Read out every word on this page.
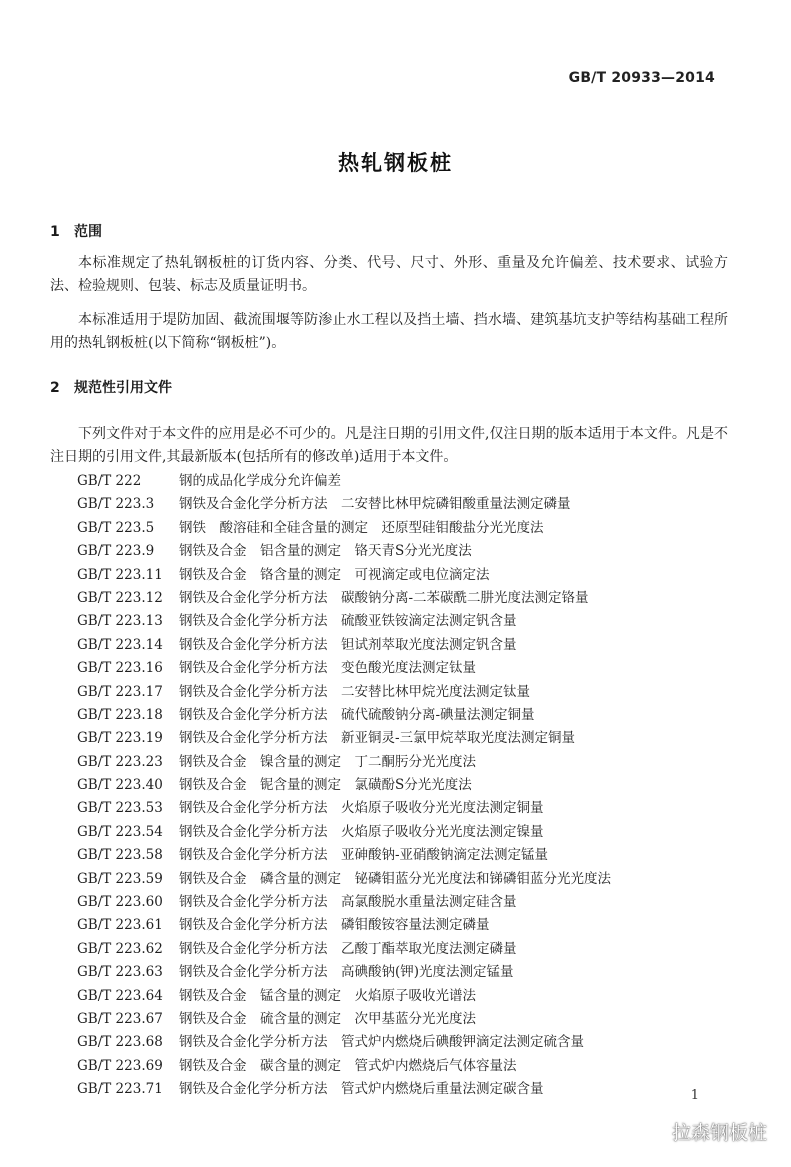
GB/T 20933—2014
热轧钢板桩
1 范围

本标准规定了热轧钢板桩的订货内容、分类、代号、尺寸、外形、重量及允许偏差、技术要求、试验方法、检验规则、包装、标志及质量证明书。

本标准适用于堤防加固、截流围堰等防渗止水工程以及挡土墙、挡水墙、建筑基坑支护等结构基础工程所用的热轧钢板桩(以下简称“钢板桩”)。

2 规范性引用文件

下列文件对于本文件的应用是必不可少的。凡是注日期的引用文件,仅注日期的版本适用于本文件。凡是不注日期的引用文件,其最新版本(包括所有的修改单)适用于本文件。

GB/T 222	钢的成品化学成分允许偏差
GB/T 223.3 钢铁及合金化学分析方法　二安替比林甲烷磷钼酸重量法测定磷量
GB/T 223.5 钢铁　酸溶硅和全硅含量的测定　还原型硅钼酸盐分光光度法
GB/T 223.9 钢铁及合金　铝含量的测定　铬天青S分光光度法
GB/T 223.11 钢铁及合金　铬含量的测定　可视滴定或电位滴定法
GB/T 223.12 钢铁及合金化学分析方法　碳酸钠分离-二苯碳酰二肼光度法测定铬量
GB/T 223.13 钢铁及合金化学分析方法　硫酸亚铁铵滴定法测定钒含量
GB/T 223.14 钢铁及合金化学分析方法　钽试剂萃取光度法测定钒含量
GB/T 223.16 钢铁及合金化学分析方法　变色酸光度法测定钛量
GB/T 223.17 钢铁及合金化学分析方法　二安替比林甲烷光度法测定钛量
GB/T 223.18 钢铁及合金化学分析方法　硫代硫酸钠分离-碘量法测定铜量
GB/T 223.19 钢铁及合金化学分析方法　新亚铜灵-三氯甲烷萃取光度法测定铜量
GB/T 223.23 钢铁及合金　镍含量的测定　丁二酮肟分光光度法
GB/T 223.40 钢铁及合金　铌含量的测定　氯磺酚S分光光度法
GB/T 223.53 钢铁及合金化学分析方法　火焰原子吸收分光光度法测定铜量
GB/T 223.54 钢铁及合金化学分析方法　火焰原子吸收分光光度法测定镍量
GB/T 223.58 钢铁及合金化学分析方法　亚砷酸钠-亚硝酸钠滴定法测定锰量
GB/T 223.59 钢铁及合金　磷含量的测定　铋磷钼蓝分光光度法和锑磷钼蓝分光光度法
GB/T 223.60 钢铁及合金化学分析方法　高氯酸脱水重量法测定硅含量
GB/T 223.61 钢铁及合金化学分析方法　磷钼酸铵容量法测定磷量
GB/T 223.62 钢铁及合金化学分析方法　乙酸丁酯萃取光度法测定磷量
GB/T 223.63 钢铁及合金化学分析方法　高碘酸钠(钾)光度法测定锰量
GB/T 223.64 钢铁及合金　锰含量的测定　火焰原子吸收光谱法
GB/T 223.67 钢铁及合金　硫含量的测定　次甲基蓝分光光度法
GB/T 223.68 钢铁及合金化学分析方法　管式炉内燃烧后碘酸钾滴定法测定硫含量
GB/T 223.69 钢铁及合金　碳含量的测定　管式炉内燃烧后气体容量法
GB/T 223.71 钢铁及合金化学分析方法　管式炉内燃烧后重量法测定碳含量	1
拉森钢板桩
